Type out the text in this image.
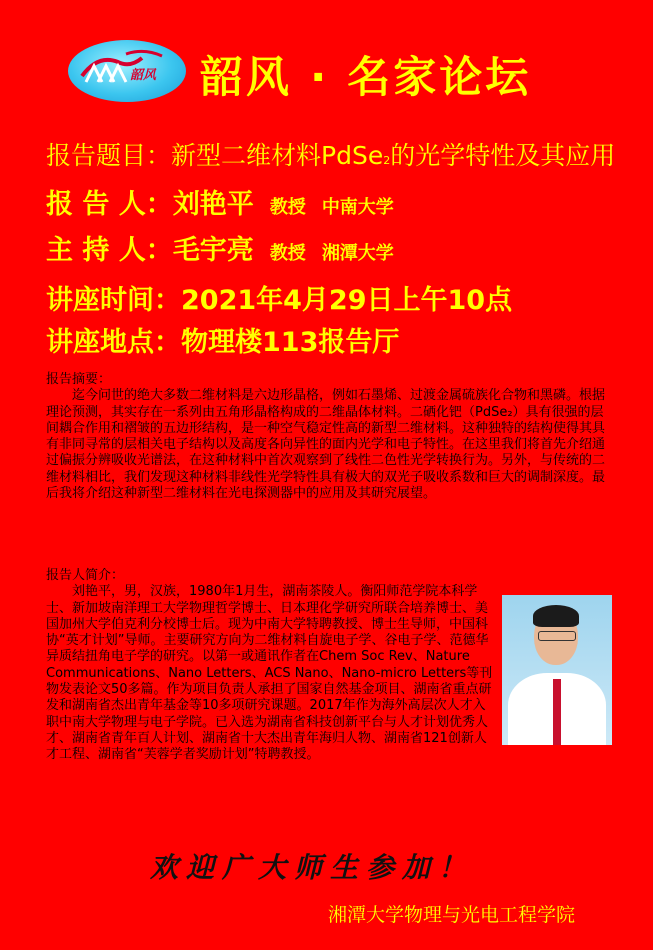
韶风 韶风 · 名家论坛
报告题目：新型二维材料PdSe2的光学特性及其应用
报 告 人：刘艳平 教授 中南大学
主 持 人：毛宇亮 教授 湘潭大学
讲座时间：2021年4月29日上午10点
讲座地点：物理楼113报告厅
报告摘要：

迄今问世的绝大多数二维材料是六边形晶格，例如石墨烯、过渡金属硫族化合物和黑磷。根据理论预测，其实存在一系列由五角形晶格构成的二维晶体材料。二硒化钯（PdSe₂）具有很强的层间耦合作用和褶皱的五边形结构，是一种空气稳定性高的新型二维材料。这种独特的结构使得其具有非同寻常的层相关电子结构以及高度各向异性的面内光学和电子特性。在这里我们将首先介绍通过偏振分辨吸收光谱法，在这种材料中首次观察到了线性二色性光学转换行为。另外，与传统的二维材料相比，我们发现这种材料非线性光学特性具有极大的双光子吸收系数和巨大的调制深度。最后我将介绍这种新型二维材料在光电探测器中的应用及其研究展望。

报告人简介：

刘艳平，男，汉族，1980年1月生，湖南茶陵人。衡阳师范学院本科学士、新加坡南洋理工大学物理哲学博士、日本理化学研究所联合培养博士、美国加州大学伯克利分校博士后。现为中南大学特聘教授、博士生导师，中国科协“英才计划”导师。主要研究方向为二维材料自旋电子学、谷电子学、范德华异质结扭角电子学的研究。以第一或通讯作者在Chem Soc Rev、Nature Communications、Nano Letters、ACS Nano、Nano-micro Letters等刊物发表论文50多篇。作为项目负责人承担了国家自然基金项目、湖南省重点研发和湖南省杰出青年基金等10多项研究课题。2017年作为海外高层次人才入职中南大学物理与电子学院。已入选为湖南省科技创新平台与人才计划优秀人才、湖南省青年百人计划、湖南省十大杰出青年海归人物、湖南省121创新人才工程、湖南省“芙蓉学者奖励计划”特聘教授。

欢迎广大师生参加！
湘潭大学物理与光电工程学院
